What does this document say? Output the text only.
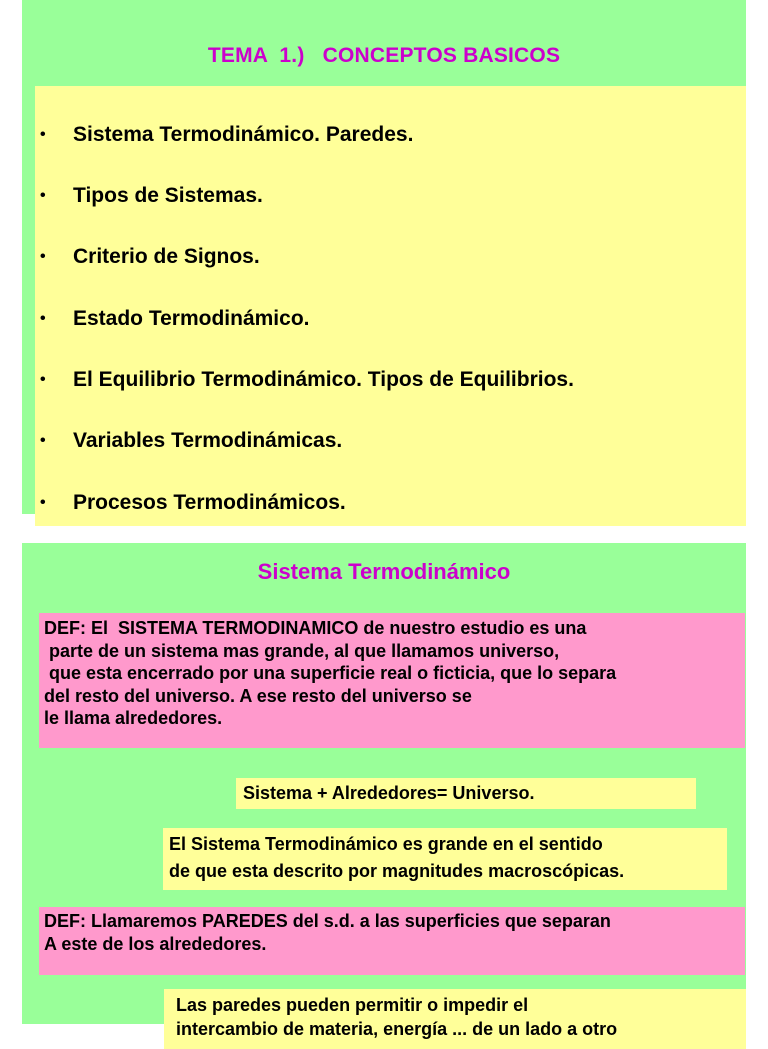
TEMA  1.)   CONCEPTOS BASICOS
• Sistema Termodinámico. Paredes.
• Tipos de Sistemas.
• Criterio de Signos.
• Estado Termodinámico.
• El Equilibrio Termodinámico. Tipos de Equilibrios.
• Variables Termodinámicas.
• Procesos Termodinámicos.
Sistema Termodinámico
DEF: El  SISTEMA TERMODINAMICO de nuestro estudio es una
parte de un sistema mas grande, al que llamamos universo,
que esta encerrado por una superficie real o ficticia, que lo separa
del resto del universo. A ese resto del universo se
le llama alrededores.
Sistema + Alrededores= Universo.
El Sistema Termodinámico es grande en el sentido
de que esta descrito por magnitudes macroscópicas.
DEF: Llamaremos PAREDES del s.d. a las superficies que separan
A este de los alrededores.
Las paredes pueden permitir o impedir el
intercambio de materia, energía ... de un lado a otro
